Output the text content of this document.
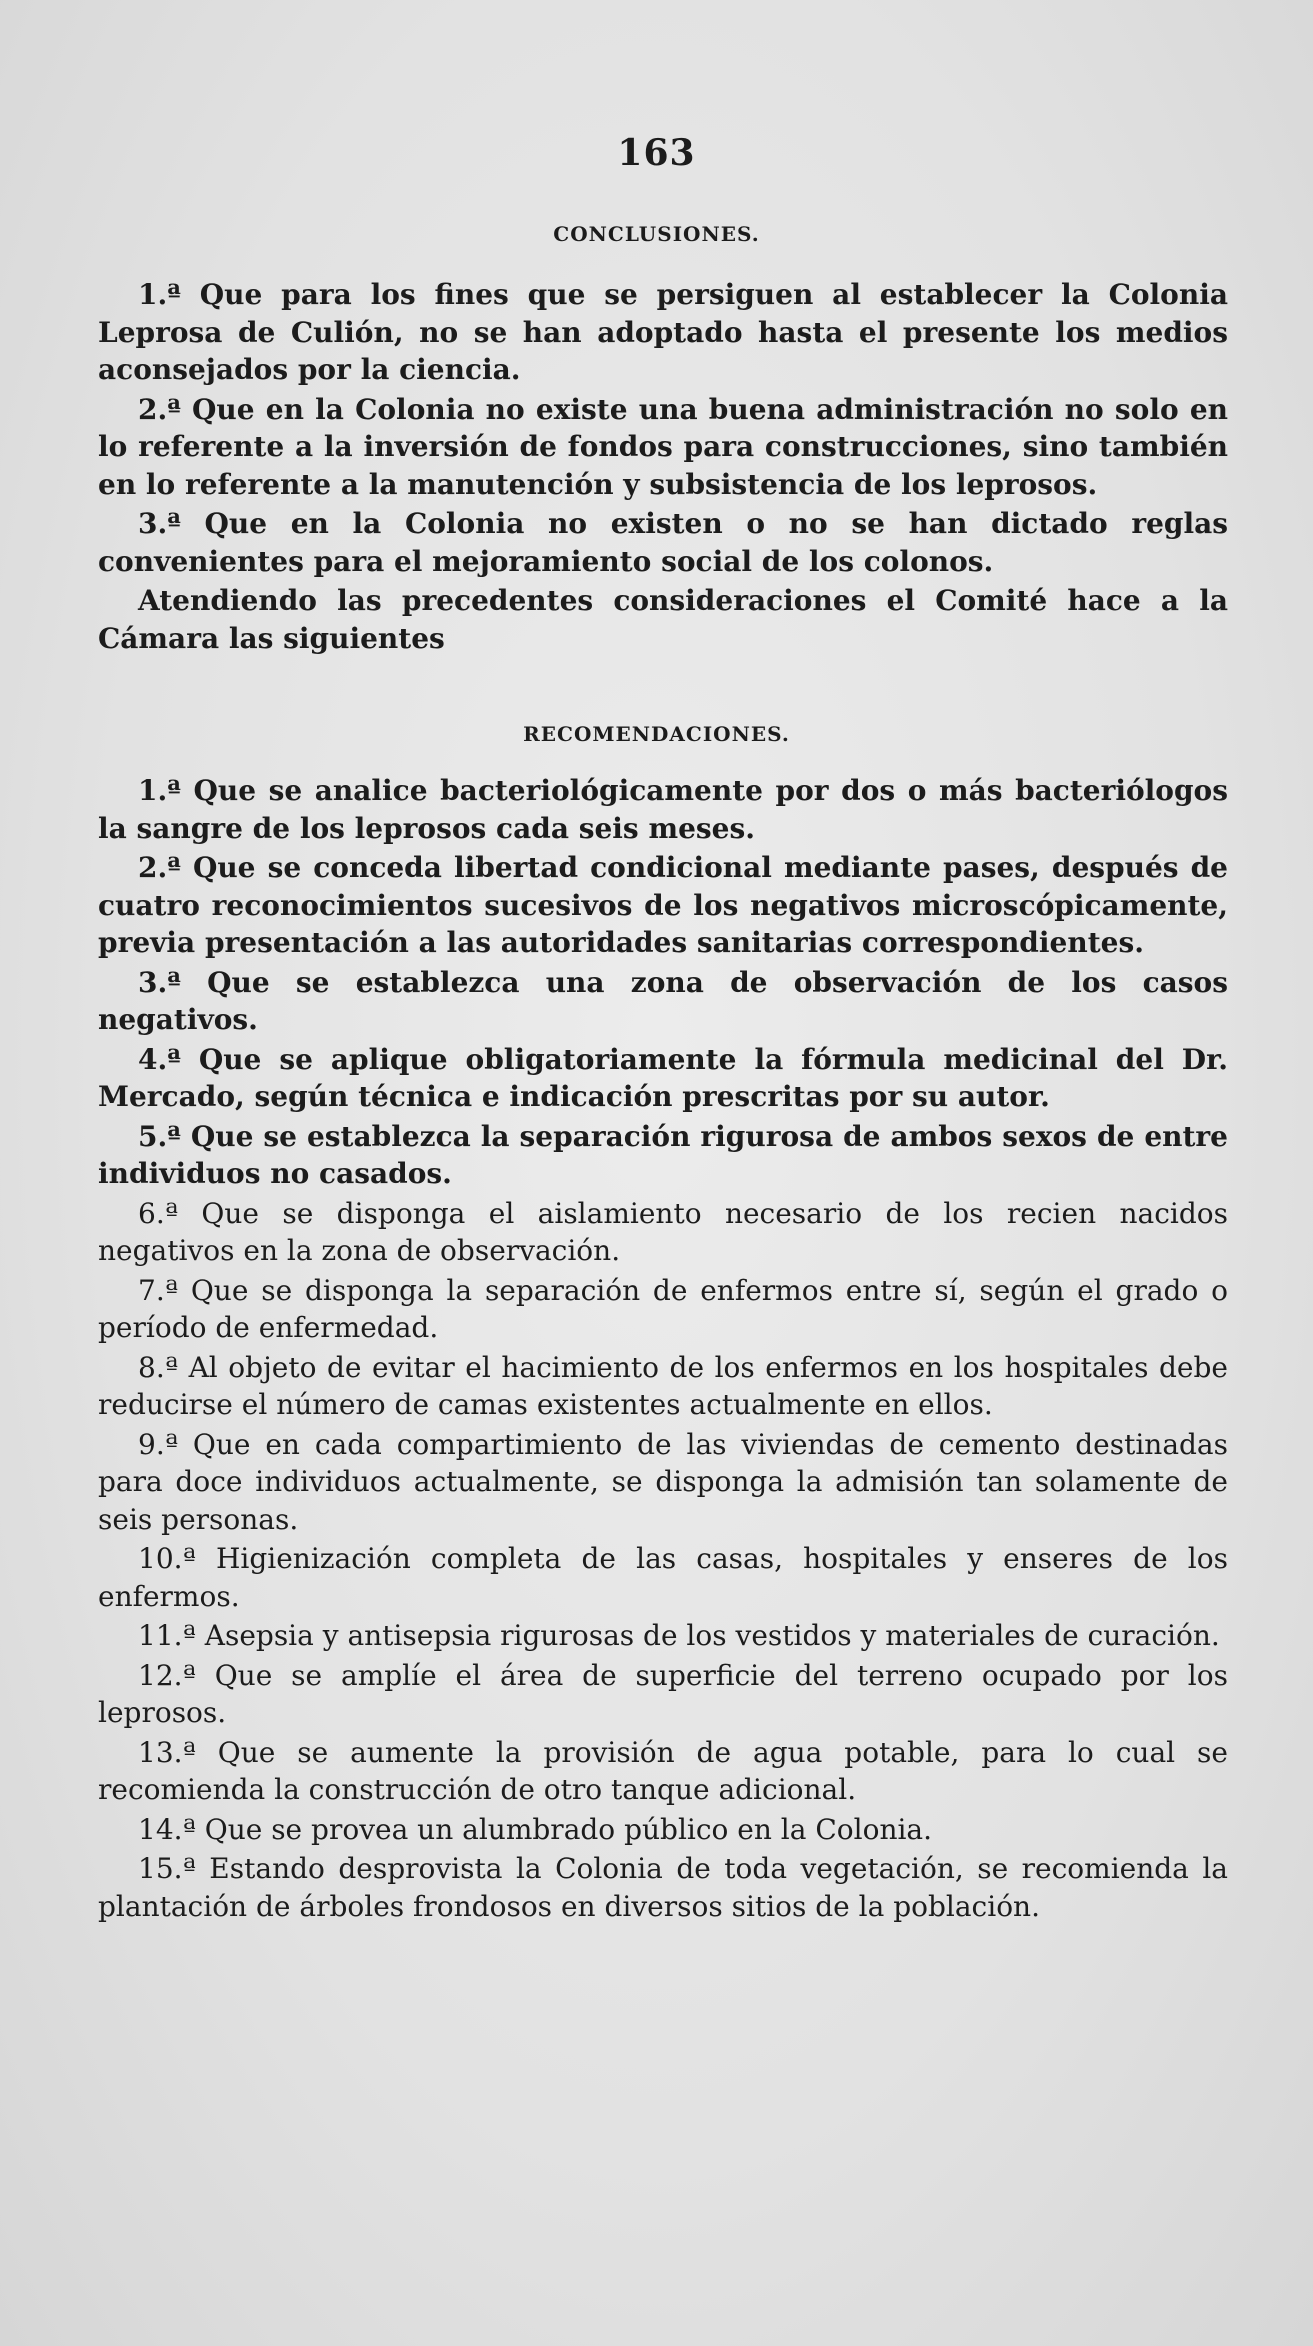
163
CONCLUSIONES.

1.ª Que para los fines que se persiguen al establecer la Colonia Leprosa de Culión, no se han adoptado hasta el presente los medios aconsejados por la ciencia.

2.ª Que en la Colonia no existe una buena administración no solo en lo referente a la inversión de fondos para construcciones, sino también en lo referente a la manutención y subsistencia de los leprosos.

3.ª Que en la Colonia no existen o no se han dictado reglas convenientes para el mejoramiento social de los colonos.

Atendiendo las precedentes consideraciones el Comité hace a la Cámara las siguientes

RECOMENDACIONES.

1.ª Que se analice bacteriológicamente por dos o más bacteriólogos la sangre de los leprosos cada seis meses.

2.ª Que se conceda libertad condicional mediante pases, después de cuatro reconocimientos sucesivos de los negativos microscópicamente, previa presentación a las autoridades sanitarias correspondientes.

3.ª Que se establezca una zona de observación de los casos negativos.

4.ª Que se aplique obligatoriamente la fórmula medicinal del Dr. Mercado, según técnica e indicación prescritas por su autor.

5.ª Que se establezca la separación rigurosa de ambos sexos de entre individuos no casados.

6.ª Que se disponga el aislamiento necesario de los recien nacidos negativos en la zona de observación.

7.ª Que se disponga la separación de enfermos entre sí, según el grado o período de enfermedad.

8.ª Al objeto de evitar el hacimiento de los enfermos en los hospitales debe reducirse el número de camas existentes actualmente en ellos.

9.ª Que en cada compartimiento de las viviendas de cemento destinadas para doce individuos actualmente, se disponga la admisión tan solamente de seis personas.

10.ª Higienización completa de las casas, hospitales y enseres de los enfermos.

11.ª Asepsia y antisepsia rigurosas de los vestidos y materiales de curación.

12.ª Que se amplíe el área de superficie del terreno ocupado por los leprosos.

13.ª Que se aumente la provisión de agua potable, para lo cual se recomienda la construcción de otro tanque adicional.

14.ª Que se provea un alumbrado público en la Colonia.

15.ª Estando desprovista la Colonia de toda vegetación, se recomienda la plantación de árboles frondosos en diversos sitios de la población.
